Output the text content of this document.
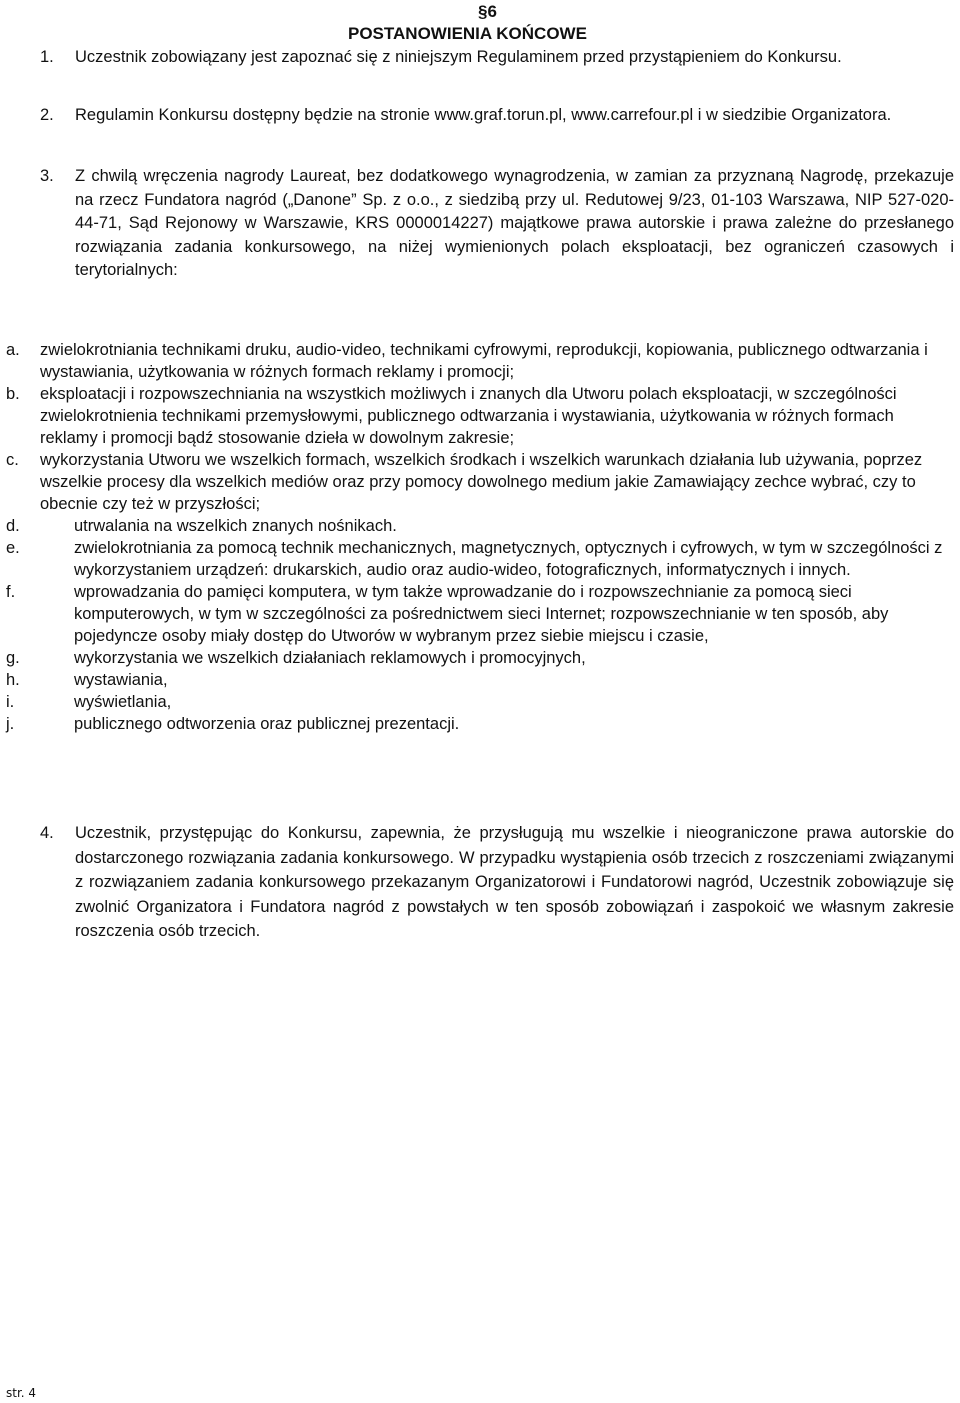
§6
POSTANOWIENIA KOŃCOWE
1.	Uczestnik zobowiązany jest zapoznać się z niniejszym Regulaminem przed przystąpieniem do Konkursu.
2.	Regulamin Konkursu dostępny będzie na stronie www.graf.torun.pl, www.carrefour.pl i w siedzibie Organizatora.
3.	Z chwilą wręczenia nagrody Laureat, bez dodatkowego wynagrodzenia, w zamian za przyznaną Nagrodę, przekazuje na rzecz Fundatora nagród („Danone” Sp. z o.o., z siedzibą przy ul. Redutowej 9/23, 01-103 Warszawa, NIP 527-020-44-71, Sąd Rejonowy w Warszawie, KRS 0000014227) majątkowe prawa autorskie i prawa zależne do przesłanego rozwiązania zadania konkursowego, na niżej wymienionych polach eksploatacji, bez ograniczeń czasowych i terytorialnych:
a. zwielokrotniania technikami druku, audio-video, technikami cyfrowymi, reprodukcji, kopiowania, publicznego odtwarzania i wystawiania, użytkowania w różnych formach reklamy i promocji;
b. eksploatacji i rozpowszechniania na wszystkich możliwych i znanych dla Utworu polach eksploatacji, w szczególności zwielokrotnienia technikami przemysłowymi, publicznego odtwarzania i wystawiania, użytkowania w różnych formach reklamy i promocji bądź stosowanie dzieła w dowolnym zakresie;
c. wykorzystania Utworu we wszelkich formach, wszelkich środkach i wszelkich warunkach działania lub używania, poprzez wszelkie procesy dla wszelkich mediów oraz przy pomocy dowolnego medium jakie Zamawiający zechce wybrać, czy to obecnie czy też w przyszłości;
d.	utrwalania na wszelkich znanych nośnikach.
e.	zwielokrotniania za pomocą technik mechanicznych, magnetycznych, optycznych i cyfrowych, w tym w szczególności z wykorzystaniem urządzeń: drukarskich, audio oraz audio-wideo, fotograficznych, informatycznych i innych.
f.	wprowadzania do pamięci komputera, w tym także wprowadzanie do i rozpowszechnianie za pomocą sieci komputerowych, w tym w szczególności za pośrednictwem sieci Internet; rozpowszechnianie w ten sposób, aby pojedyncze osoby miały dostęp do Utworów w wybranym przez siebie miejscu i czasie,
g.	wykorzystania we wszelkich działaniach reklamowych i promocyjnych,
h.	wystawiania,
i.	wyświetlania,
j.	publicznego odtworzenia oraz publicznej prezentacji.
4.	Uczestnik, przystępując do Konkursu, zapewnia, że przysługują mu wszelkie i nieograniczone prawa autorskie do dostarczonego rozwiązania zadania konkursowego. W przypadku wystąpienia osób trzecich z roszczeniami związanymi z rozwiązaniem zadania konkursowego przekazanym Organizatorowi i Fundatorowi nagród, Uczestnik zobowiązuje się zwolnić Organizatora i Fundatora nagród z powstałych w ten sposób zobowiązań i zaspokoić we własnym zakresie roszczenia osób trzecich.
str. 4
